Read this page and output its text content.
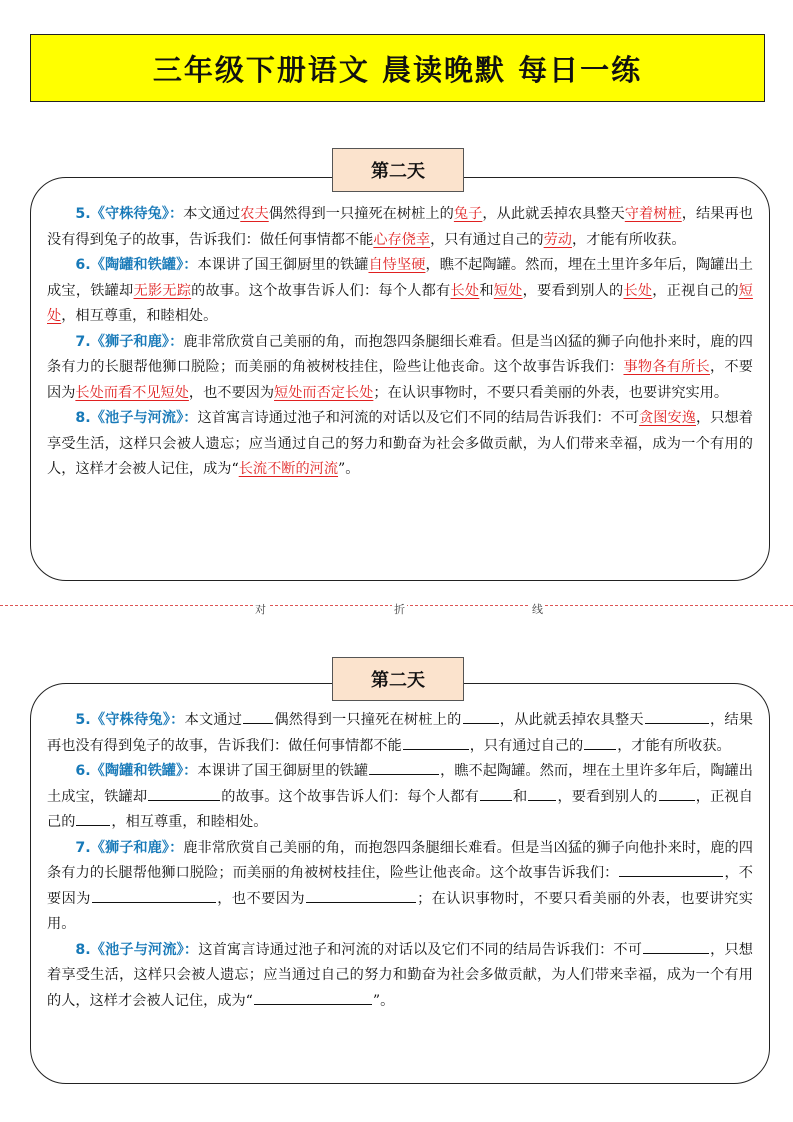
三年级下册语文 晨读晚默 每日一练
第二天

5.《守株待兔》：本文通过农夫偶然得到一只撞死在树桩上的兔子，从此就丢掉农具整天守着树桩，结果再也没有得到兔子的故事，告诉我们：做任何事情都不能心存侥幸，只有通过自己的劳动，才能有所收获。

6.《陶罐和铁罐》：本课讲了国王御厨里的铁罐自恃坚硬，瞧不起陶罐。然而，埋在土里许多年后，陶罐出土成宝，铁罐却无影无踪的故事。这个故事告诉人们：每个人都有长处和短处，要看到别人的长处，正视自己的短处，相互尊重，和睦相处。

7.《狮子和鹿》：鹿非常欣赏自己美丽的角，而抱怨四条腿细长难看。但是当凶猛的狮子向他扑来时，鹿的四条有力的长腿帮他狮口脱险；而美丽的角被树枝挂住，险些让他丧命。这个故事告诉我们：事物各有所长，不要因为长处而看不见短处，也不要因为短处而否定长处；在认识事物时，不要只看美丽的外表，也要讲究实用。

8.《池子与河流》：这首寓言诗通过池子和河流的对话以及它们不同的结局告诉我们：不可贪图安逸，只想着享受生活，这样只会被人遗忘；应当通过自己的努力和勤奋为社会多做贡献，为人们带来幸福，成为一个有用的人，这样才会被人记住，成为“长流不断的河流”。

对	折	线
第二天

5.《守株待兔》：本文通过 偶然得到一只撞死在树桩上的	，从此就丢掉农具整天	，结果再也没有得到兔子的故事，告诉我们：做任何事情都不能	，只有通过自己的 ，才能有所收获。

6.《陶罐和铁罐》：本课讲了国王御厨里的铁罐	，瞧不起陶罐。然而，埋在土里许多年后，陶罐出土成宝，铁罐却	的故事。这个故事告诉人们：每个人都有 和 ，要看到别人的	，正视自己的	，相互尊重，和睦相处。

7.《狮子和鹿》：鹿非常欣赏自己美丽的角，而抱怨四条腿细长难看。但是当凶猛的狮子向他扑来时，鹿的四条有力的长腿帮他狮口脱险；而美丽的角被树枝挂住，险些让他丧命。这个故事告诉我们：	，不要因为	，也不要因为	；在认识事物时，不要只看美丽的外表，也要讲究实用。

8.《池子与河流》：这首寓言诗通过池子和河流的对话以及它们不同的结局告诉我们：不可	，只想着享受生活，这样只会被人遗忘；应当通过自己的努力和勤奋为社会多做贡献，为人们带来幸福，成为一个有用的人，这样才会被人记住，成为“	”。
